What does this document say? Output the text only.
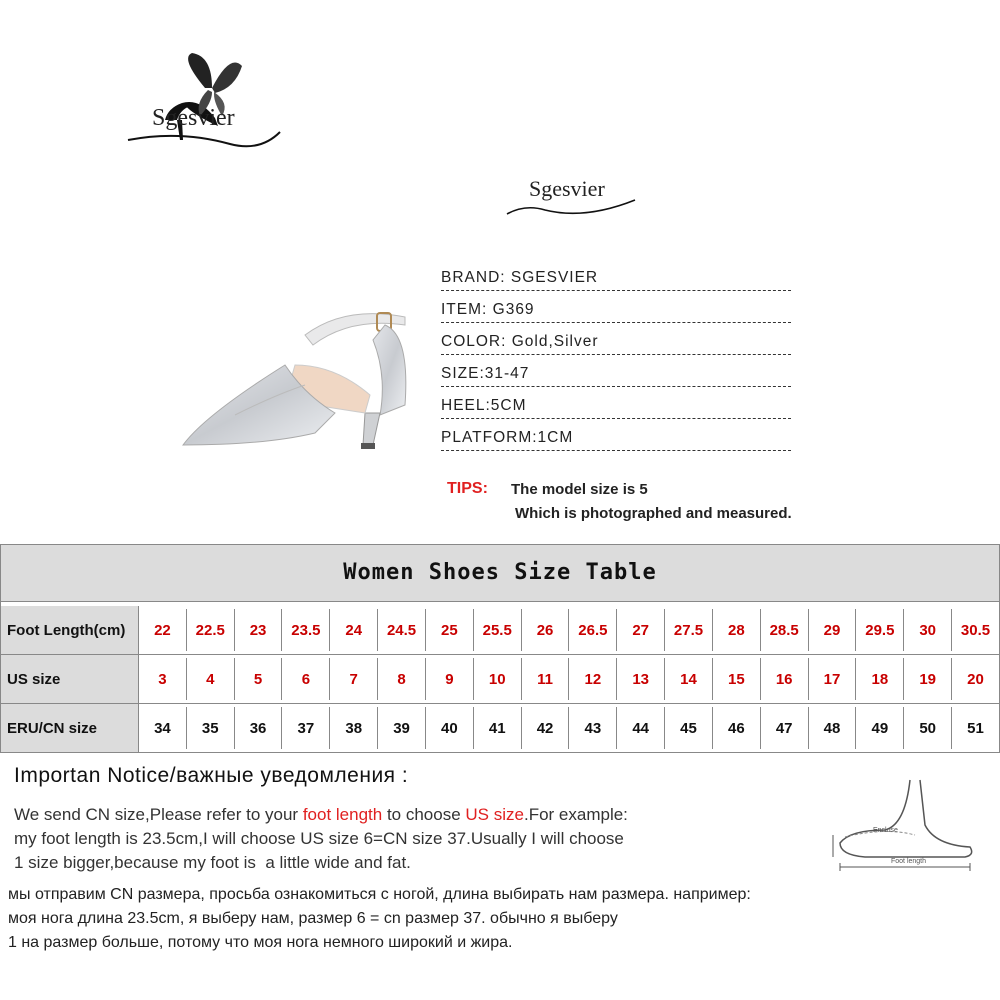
Sgesvier
Sgesvier
BRAND: SGESVIER
ITEM: G369
COLOR: Gold,Silver
SIZE:31-47
HEEL:5CM
PLATFORM:1CM
TIPS: The model size is 5
Which is photographed and measured.
Women Shoes Size Table
Foot Length(cm)	22	22.5	23	23.5	24	24.5	25	25.5	26	26.5	27	27.5	28	28.5	29	29.5	30	30.5
US size	3	4	5	6	7	8	9	10	11	12	13	14	15	16	17	18	19	20
ERU/CN size	34	35	36	37	38	39	40	41	42	43	44	45	46	47	48	49	50	51
Importan Notice/важные уведомления :
We send CN size,Please refer to your foot length to choose US size.For example:
my foot length is 23.5cm,I will choose US size 6=CN size 37.Usually I will choose
1 size bigger,because my foot is  a little wide and fat.
мы отправим CN размера, просьба ознакомиться с ногой, длина выбирать нам размера. например:
моя нога длина 23.5cm, я выберу нам, размер 6 = cn размер 37. обычно я выберу
1 на размер больше, потому что моя нога немного широкий и жира.
Enclose
Foot length
